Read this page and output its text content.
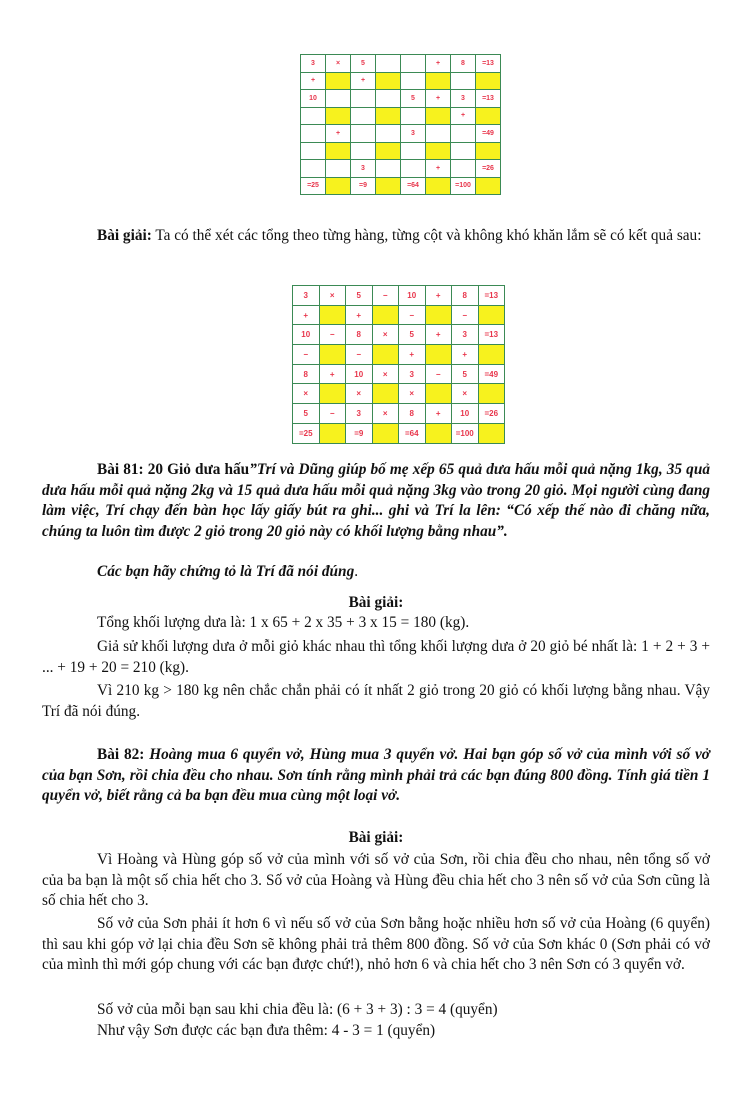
3	×	5			+	8	=13
+		+					
10				5	+	3	=13
						+	
	+			3			=49

		3			+		=26
=25		=9		=64		=100	
Bài giải: Ta có thể xét các tổng theo từng hàng, từng cột và không khó khăn lắm sẽ có kết quả sau:
3	×	5	−	10	+	8	=13
+		+		−		−	
10	−	8	×	5	+	3	=13
−		−		+		+	
8	+	10	×	3	−	5	=49
×		×		×		×	
5	−	3	×	8	+	10	=26
=25		=9		=64		=100	
Bài 81: 20 Giỏ dưa hấu”Trí và Dũng giúp bố mẹ xếp 65 quả dưa hấu mỗi quả nặng 1kg, 35 quả dưa hấu mỗi quả nặng 2kg và 15 quả dưa hấu mỗi quả nặng 3kg vào trong 20 giỏ. Mọi người cùng đang làm việc, Trí chạy đến bàn học lấy giấy bút ra ghi... ghi và Trí la lên: “Có xếp thế nào đi chăng nữa, chúng ta luôn tìm được 2 giỏ trong 20 giỏ này có khối lượng bằng nhau”.
Các bạn hãy chứng tỏ là Trí đã nói đúng.
Bài giải:
Tổng khối lượng dưa là: 1 x 65 + 2 x 35 + 3 x 15 = 180 (kg).
Giả sử khối lượng dưa ở mỗi giỏ khác nhau thì tổng khối lượng dưa ở 20 giỏ bé nhất là: 1 + 2 + 3 + ... + 19 + 20 = 210 (kg).
Vì 210 kg > 180 kg nên chắc chắn phải có ít nhất 2 giỏ trong 20 giỏ có khối lượng bằng nhau. Vậy Trí đã nói đúng.
Bài 82: Hoàng mua 6 quyển vở, Hùng mua 3 quyển vở. Hai bạn góp số vở của mình với số vở của bạn Sơn, rồi chia đều cho nhau. Sơn tính rằng mình phải trả các bạn đúng 800 đồng. Tính giá tiền 1 quyển vở, biết rằng cả ba bạn đều mua cùng một loại vở.
Bài giải:
Vì Hoàng và Hùng góp số vở của mình với số vở của Sơn, rồi chia đều cho nhau, nên tổng số vở của ba bạn là một số chia hết cho 3. Số vở của Hoàng và Hùng đều chia hết cho 3 nên số vở của Sơn cũng là số chia hết cho 3.
Số vở của Sơn phải ít hơn 6 vì nếu số vở của Sơn bằng hoặc nhiều hơn số vở của Hoàng (6 quyển) thì sau khi góp vở lại chia đều Sơn sẽ không phải trả thêm 800 đồng. Số vở của Sơn khác 0 (Sơn phải có vở của mình thì mới góp chung với các bạn được chứ!), nhỏ hơn 6 và chia hết cho 3 nên Sơn có 3 quyển vở.
Số vở của mỗi bạn sau khi chia đều là: (6 + 3 + 3) : 3 = 4 (quyển)
Như vậy Sơn được các bạn đưa thêm: 4 - 3 = 1 (quyển)
